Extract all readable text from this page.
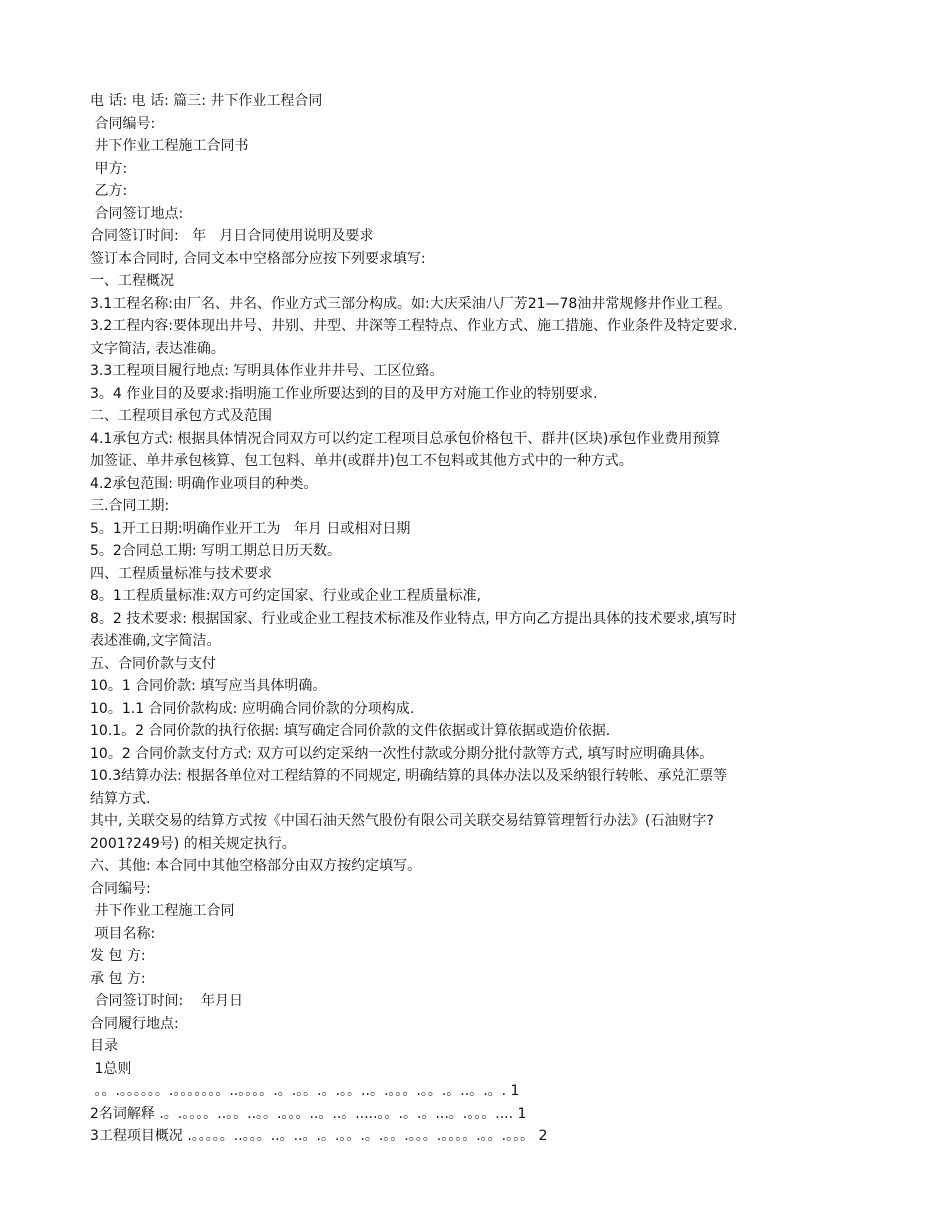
电 话: 电 话: 篇三: 井下作业工程合同
合同编号:
井下作业工程施工合同书
甲方:
乙方:
合同签订地点:
合同签订时间:   年   月日合同使用说明及要求
签订本合同时, 合同文本中空格部分应按下列要求填写:
一、工程概况
3.1工程名称:由厂名、井名、作业方式三部分构成。如:大庆采油八厂芳21—78油井常规修井作业工程。
3.2工程内容:要体现出井号、井别、井型、井深等工程特点、作业方式、施工措施、作业条件及特定要求.
文字简洁, 表达准确。
3.3工程项目履行地点: 写明具体作业井井号、工区位臵。
3。4 作业目的及要求:指明施工作业所要达到的目的及甲方对施工作业的特别要求.
二、工程项目承包方式及范围
4.1承包方式: 根据具体情况合同双方可以约定工程项目总承包价格包干、群井(区块)承包作业费用预算
加签证、单井承包核算、包工包料、单井(或群井)包工不包料或其他方式中的一种方式。
4.2承包范围: 明确作业项目的种类。
三.合同工期:
5。1开工日期:明确作业开工为   年月 日或相对日期
5。2合同总工期: 写明工期总日历天数。
四、工程质量标准与技术要求
8。1工程质量标准:双方可约定国家、行业或企业工程质量标准,
8。2 技术要求: 根据国家、行业或企业工程技术标准及作业特点, 甲方向乙方提出具体的技术要求,填写时
表述准确,文字简洁。
五、合同价款与支付
10。1 合同价款: 填写应当具体明确。
10。1.1 合同价款构成: 应明确合同价款的分项构成.
10.1。2 合同价款的执行依据: 填写确定合同价款的文件依据或计算依据或造价依据.
10。2 合同价款支付方式: 双方可以约定采纳一次性付款或分期分批付款等方式, 填写时应明确具体。
10.3结算办法: 根据各单位对工程结算的不同规定, 明确结算的具体办法以及采纳银行转帐、承兑汇票等
结算方式.
其中, 关联交易的结算方式按《中国石油天然气股份有限公司关联交易结算管理暂行办法》(石油财字?
2001?249号) 的相关规定执行。
六、其他: 本合同中其他空格部分由双方按约定填写。
合同编号:
井下作业工程施工合同
项目名称:
发 包 方:
承 包 方:
合同签订时间:    年月日
合同履行地点:
目录
1总则
。。.。。。。。。.。。。。。。。..。。。。.。.。。.。.。。..。.。。。.。。.。..。.。. 1
2名词解释 .。.。。。。..。。..。。.。。。..。..。.....。。.。.。...。.。。。.... 1
3工程项目概况 .。。。。。..。。。..。..。.。.。。.。.。。.。。。.。。。。.。。.。。。 2
